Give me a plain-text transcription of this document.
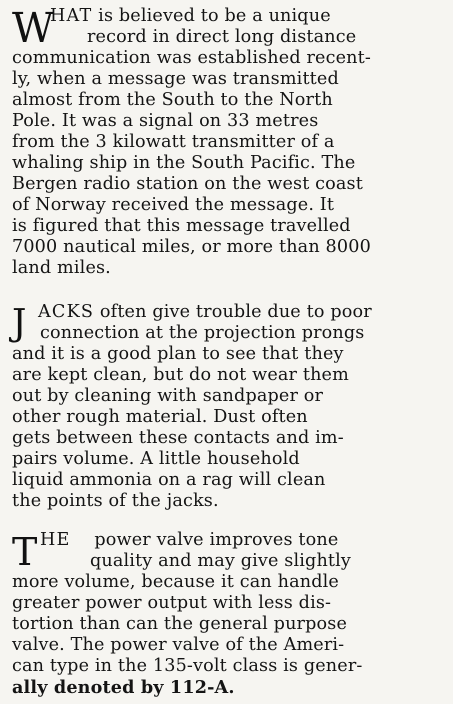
W
HAT is believed to be a unique
record in direct long distance
communication was established recent-
ly, when a message was transmitted
almost from the South to the North
Pole. It was a signal on 33 metres
from the 3 kilowatt transmitter of a
whaling ship in the South Pacific. The
Bergen radio station on the west coast
of Norway received the message. It
is figured that this message travelled
7000 nautical miles, or more than 8000
land miles.
J ACKS often give trouble due to poor
connection at the projection prongs
and it is a good plan to see that they
are kept clean, but do not wear them
out by cleaning with sandpaper or
other rough material. Dust often
gets between these contacts and im-
pairs volume. A little household
liquid ammonia on a rag will clean
the points of the jacks.
T HE power valve improves tone
quality and may give slightly
more volume, because it can handle
greater power output with less dis-
tortion than can the general purpose
valve. The power valve of the Ameri-
can type in the 135-volt class is gener-
ally denoted by 112-A.
